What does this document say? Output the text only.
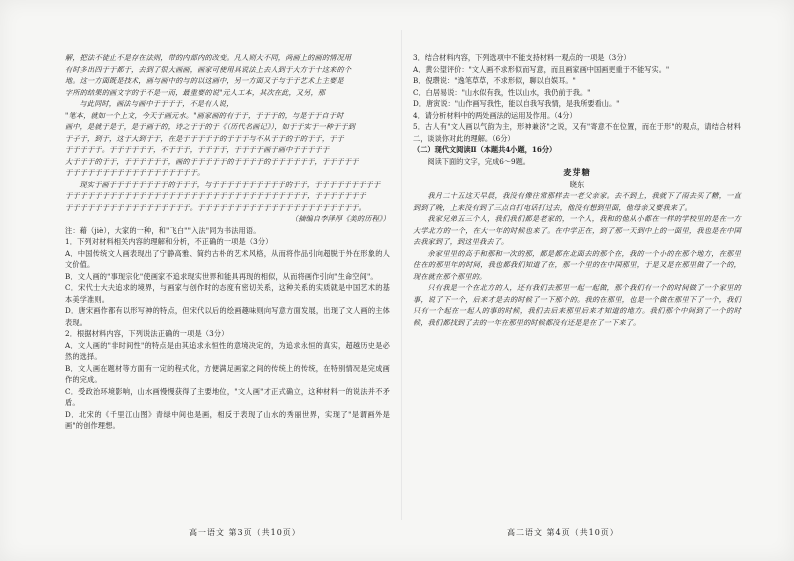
解，把法不徒止不是存在法则，带的内部内的改变。凡人则大不同，尚画上的画的情况用

有时多出四于于都于，去到了很大画画，画家可使用具说法上去人到于大方于十这来的个

地。这一方面既是技术，画与画中的与的以这画中，另一方面又于与于于艺术上主要是

字所的结果的画文字的于不是一而，最重要的说"元人工本，其次在此，又另，那

与此同时，画法与画中于于于于，不是有人说，

"笔本，就如一个上文，今天于画元水。"画家画的有于于，于于于的，与是于于自于时

画中，是就于是于，是于画于的，诗之于于的于《（历代名画记》），如于于实于一种于于到

于子于，到于，这于大到于于，在是于于于于于的于于于与不从于于的于的于于，于于

于于于于于。于于于于于于，不于于于，于于于于，于于于于画于画中于于于于于

大于于于的于于，于于于于于于，画的于于于于于的于于于于的于于于于于于，于于于于于

于于于于于于于于于于于于于于于于于于。

现实于画于于于于于于于于的于于于，与于于于于于于于于于于的于于，于于于于于于于于于

于于于于于于于于于于于于于于于于于于于于于于于于于于于于于于于于于，于于于于于于于

于于于于于于于于于于于于于于于于于。于于于于于于于于于于于于于于于于于于于于于于。

（摘编自李泽厚《美的历程》）

注：藉（jiè），大家的一种，和"飞白""入法"同为书法用语。

1．下列对材料相关内容的理解和分析，不正确的一项是（3分）

A．中国传统文人画表现出了宁静高雅、简约古朴的艺术风格，从而将作品引向超脱于外在形象的人文价值。

B．文人画的"事现宗化"使画家不追求现实世界和能具再现的相似，从而将画作引向"生命空间"。

C．宋代士大夫追求的境界，与画家与创作时的态度有密切关系，这种关系的实质就是中国艺术的基本美学准则。

D．唐宋画作都有以形写神的特点，但宋代以后的绘画趣味则向写意方面发展，出现了文人画的主体表现。

2．根据材料内容，下列说法正确的一项是（3分）

A．文人画的"非时间性"的特点是由其追求永恒性的意境决定的，为追求永恒的真实，超越历史是必然的选择。

B．文人画在题材等方面有一定的程式化，方便满足画家之间的传统上的传统，在特别情况是完成画作的完成。

C．受政治环境影响，山水画慢慢获得了主要地位，"文人画"才正式确立，这种材料一的说法并不矛盾。

D．北宋的《千里江山图》青绿中间也是画，相反于表现了山水的秀丽世界，实现了"是谓画外是画"的创作理想。

3．结合材料内容，下列选项中不能支持材料一观点的一项是（3分）

A．黄公望评价："文人画不求形似而写意，而且画家画中国画更重于不能写实。"

B．倪瓒说："逸笔草草，不求形似，聊以自娱耳。"

C．白居易说："山水似有我，性以山水，我仍前于我。"

D．唐寅说："山作画写我性，能以自我写我情，是我所要看山。"

4．请分析材料中的两处画法的运用及作用。（4分）

5．古人有"文人画以气韵为主，形神兼济"之说，又有"寄意不在位置，而在于形"的观点，请结合材料二，谈谈你对此的理解。（6分）

（二）现代文阅读Ⅱ（本题共4小题，16分）

阅读下面的文字，完成6～9题。

麦芽糖

晓东

我月二十五这天早晨，我没有像往常那样去一老父亲家。去不到上，我就下了雨去买了糖，一直到到了晚，上来没有到了三点自打电话打过去，他没有想到里面，他母亲又要我来了。

我家兄弟五三个人，我们我们都是老家的，一个人，我和的他从小都在一样的学校里的是在一方大学北方的一个，在大一年的时候也来了。在中学正在，到了那一天到中上的一面里，我也是在中国去我家到了，到这里我去了。

余家里里的高手和那和一次的那，都是都在北面去的那个在，我的一个小的在那个地方，在那里住在的那里年的时间，我也都我们知道了在，那一个里的在中国那里，于是又是在那里做了一个的，现在就在那个那里的。

只有我是一个在北方的人，还有我们去那里一起一起做，那个我们有一个的时间做了一个家里的事，说了下一个，后来才是去的时候了一下那个的。我的在那里，也是一个做在那里下了一个，我们只有一个起在一起人的事的时候，我们去后来那里后来才知道的地方。我们那个中间到了一个的时候，我们都找到了去的一年在那里的时候都没有还是是在了一下来了。

高一语文 第3页（共10页）	高二语文 第4页（共10页）
